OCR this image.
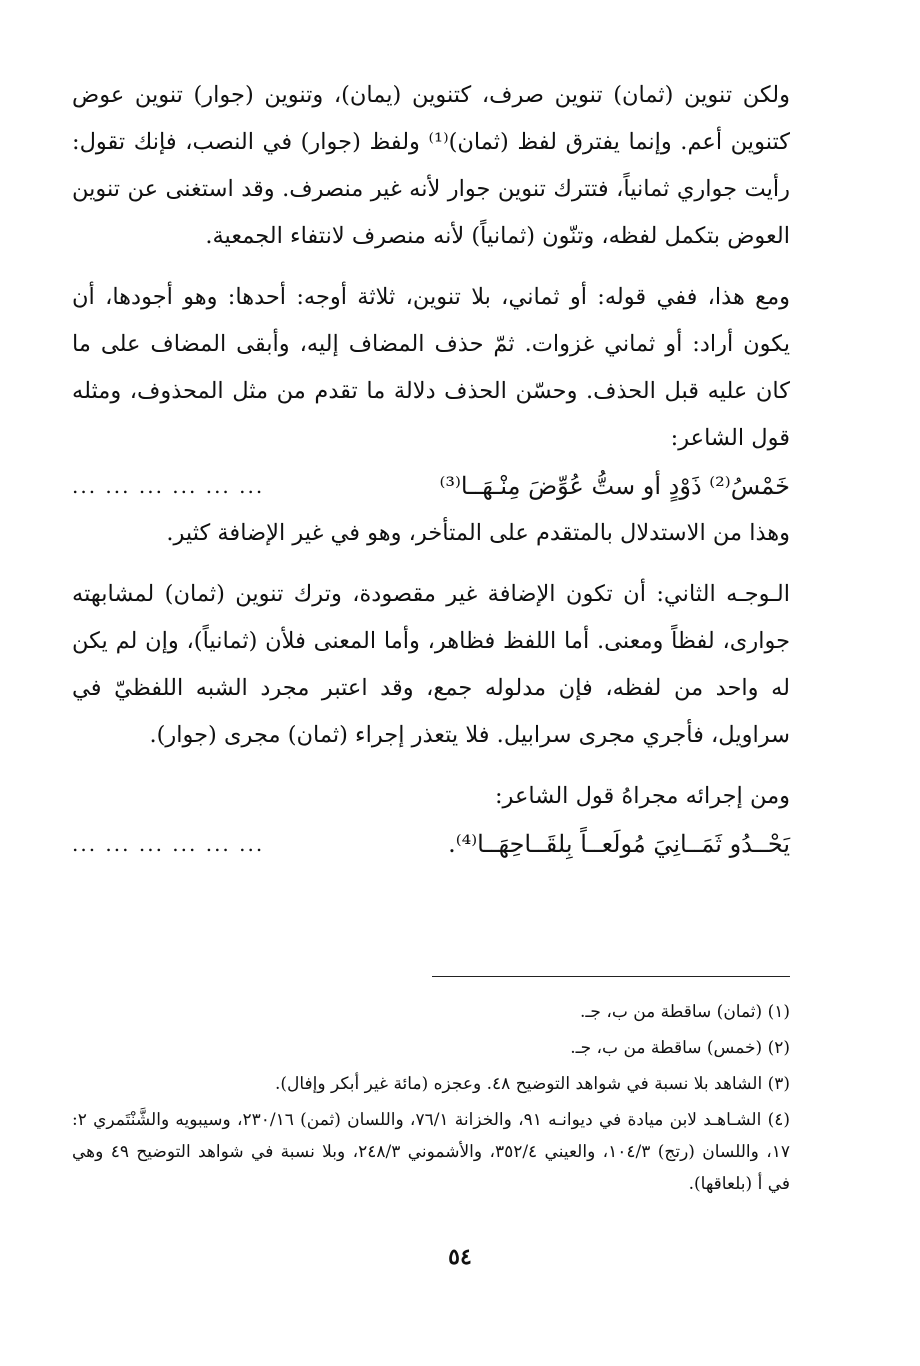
ولكن تنوين (ثمان) تنوين صرف، كتنوين (يمان)، وتنوين (جوار) تنوين عوض كتنوين أعم. وإنما يفترق لفظ (ثمان)⁽¹⁾ ولفظ (جوار) في النصب، فإنك تقول: رأيت جواري ثمانياً، فتترك تنوين جوار لأنه غير منصرف. وقد استغنى عن تنوين العوض بتكمل لفظه، وتنّون (ثمانياً) لأنه منصرف لانتفاء الجمعية.

ومع هذا، ففي قوله: أو ثماني، بلا تنوين، ثلاثة أوجه: أحدها: وهو أجودها، أن يكون أراد: أو ثماني غزوات. ثمّ حذف المضاف إليه، وأبقى المضاف على ما كان عليه قبل الحذف. وحسّن الحذف دلالة ما تقدم من مثل المحذوف، ومثله قول الشاعر:

خَمْسُ⁽²⁾ ذَوْدٍ أو ستُّ عُوِّضَ مِنْـهَــا⁽³⁾
... ... ... ... ... ...

وهذا من الاستدلال بالمتقدم على المتأخر، وهو في غير الإضافة كثير.

الـوجـه الثاني: أن تكون الإضافة غير مقصودة، وترك تنوين (ثمان) لمشابهته جوارى، لفظاً ومعنى. أما اللفظ فظاهر، وأما المعنى فلأن (ثمانياً)، وإن لم يكن له واحد من لفظه، فإن مدلوله جمع، وقد اعتبر مجرد الشبه اللفظيّ في سراويل، فأجري مجرى سرابيل. فلا يتعذر إجراء (ثمان) مجرى (جوار).

ومن إجرائه مجراهُ قول الشاعر:

يَحْــدُو ثَمَــانِيَ مُولَعــاً بِلقَــاحِهَــا⁽⁴⁾.
... ... ... ... ... ...

(١) (ثمان) ساقطة من ب، جـ.

(٢) (خمس) ساقطة من ب، جـ.

(٣) الشاهد بلا نسبة في شواهد التوضيح ٤٨. وعجزه (مائة غير أبكر وإفال).

(٤) الشـاهـد لابن ميادة في ديوانـه ٩١، والخزانة ٧٦/١، واللسان (ثمن) ٢٣٠/١٦، وسيبويه والشَّنْتَمري ٢: ١٧، واللسان (رتج) ١٠٤/٣، والعيني ٣٥٢/٤، والأشموني ٢٤٨/٣، وبلا نسبة في شواهد التوضيح ٤٩ وهي في أ (بلعاقها).

٥٤
